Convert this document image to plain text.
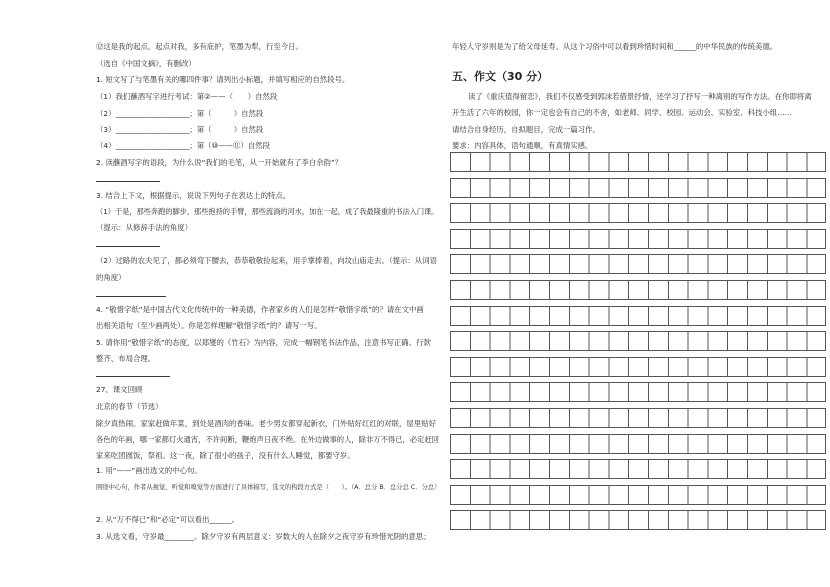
⑫这是我的起点。起点对我，多有庇护，笔墨为犁，行至今日。
（选自《中国文摘》，有删改）
1. 短文写了与笔墨有关的哪四件事？请列出小标题，并填写相应的自然段号。
（1）我们蘸酒写字进行考试：第②——（　　）自然段
（2）____________________；第（　　　）自然段
（3）____________________；第（　　　）自然段
（4）____________________；第（⑩——⑪）自然段
2. 读蘸酒写字的语段，为什么说“我们的毛笔，从一开始就有了李白余韵”？
3. 结合上下文，根据提示，说说下列句子在表达上的特点。
（1）于是，那些奔跑的脚步，那些抱持的手臂，那些流淌的河水，加在一起，成了我最隆重的书法入门课。
（提示：从修辞手法的角度）
（2）过路的农夫见了，都必须弯下腰去，恭恭敬敬捡起来，用手掌捧着，向坟山庙走去。（提示：从词语
的角度）
4. “敬惜字纸”是中国古代文化传统中的一种美德，作者家乡的人们是怎样“敬惜字纸”的？请在文中画
出相关语句（至少画两处）。你是怎样理解“敬惜字纸”的？请写一写。
5. 请你用“敬惜字纸”的态度，以郑燮的《竹石》为内容，完成一幅钢笔书法作品，注意书写正确、行款
整齐、布局合理。
27、课文回顾
北京的春节（节选）
除夕真热闹。家家赶做年菜，到处是酒肉的香味。老少男女都穿起新衣，门外贴好红红的对联，屋里贴好
各色的年画，哪一家都灯火通宵，不许间断，鞭炮声日夜不绝。在外边做事的人，除非万不得已，必定赶回
家来吃团圆饭，祭祖。这一夜，除了很小的孩子，没有什么人睡觉，都要守岁。
1. 用“——”画出选文的中心句。
围绕中心句，作者从视觉、听觉和嗅觉等方面进行了具体描写，选文的构段方式是（　　）。（A．总分 B．总分总 C．分总）
2. 从“万不得已”和“必定”可以看出______。
3. 从选文看，守岁最________。除夕守岁有两层意义：岁数大的人在除夕之夜守岁有珍惜光阴的意思；
年轻人守岁则是为了给父母延寿。从这个习俗中可以看到珍惜时间和______的中华民族的传统美德。
五、作文（30 分）
读了《重庆值得留恋》，我们不仅感受到郭沫若借景抒情，还学习了抒写一种离别的写作方法。在你即将离
开生活了六年的校园，你一定也会有自己的不舍，如老师、同学、校园、运动会、实验室、科技小组……
请结合自身经历，自拟题目，完成一篇习作。
要求：内容具体，语句通顺，有真情实感。
